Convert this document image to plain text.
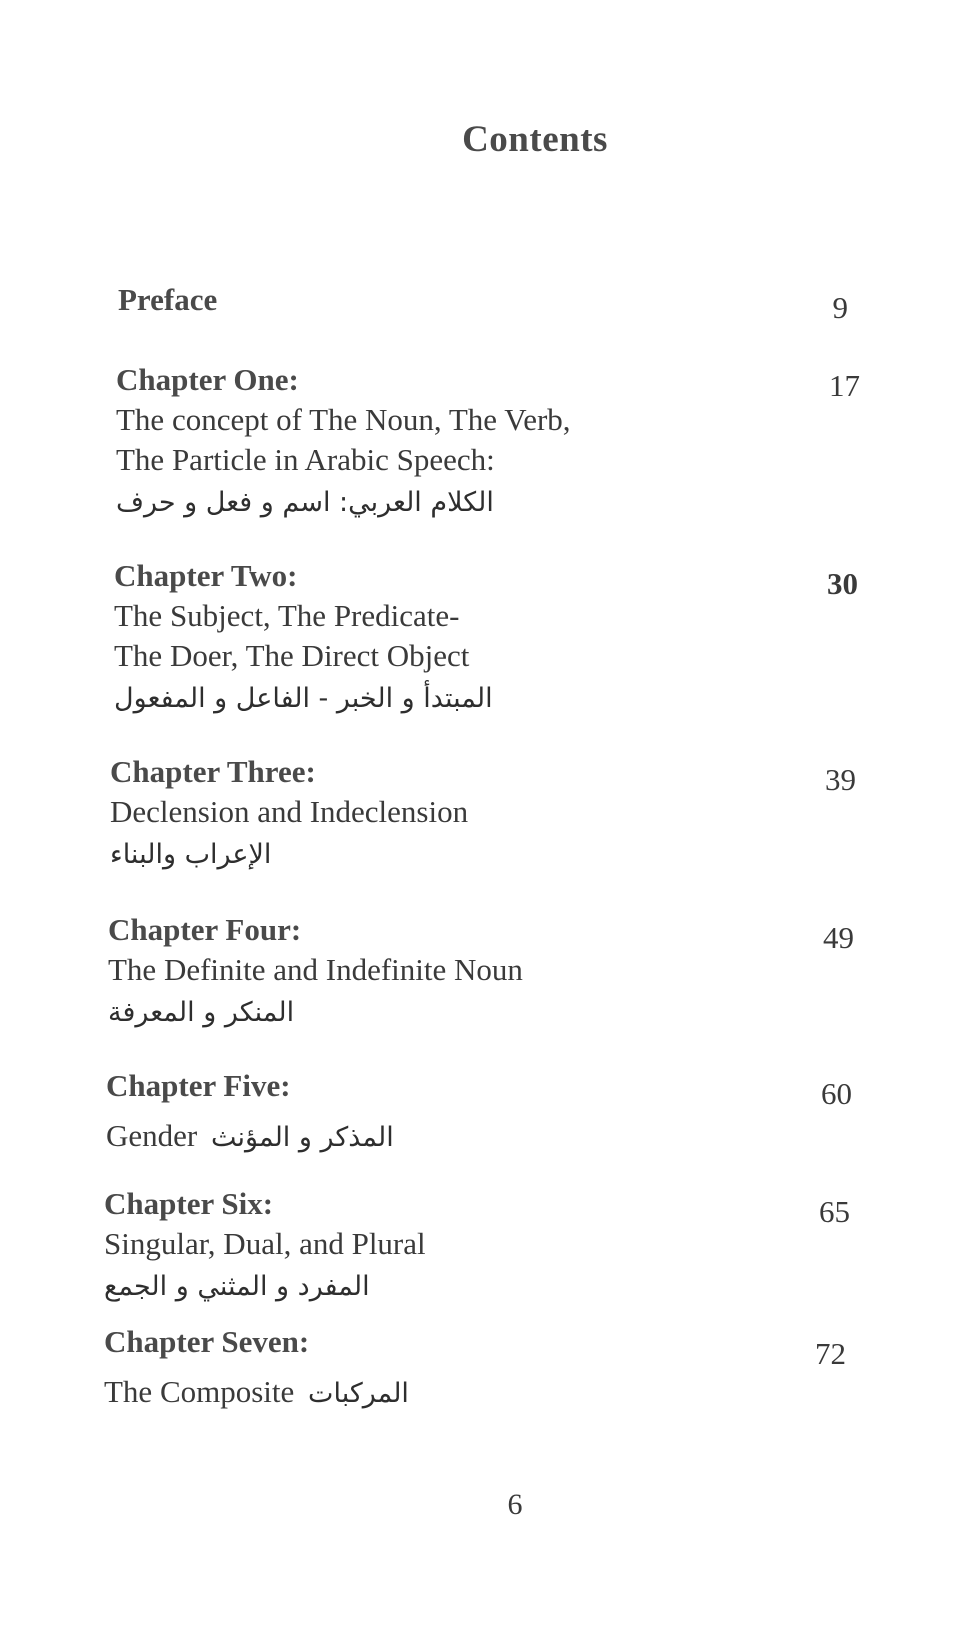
Contents
Preface	9
Chapter One:
The concept of The Noun, The Verb,
The Particle in Arabic Speech:
الكلام العربي: اسم و فعل و حرف
17
Chapter Two:
The Subject, The Predicate-
The Doer, The Direct Object
المبتدأ و الخبر - الفاعل و المفعول
30
Chapter Three:
Declension and Indeclension
الإعراب والبناء
39
Chapter Four:
The Definite and Indefinite Noun
المنكر و المعرفة
49
Chapter Five:
Gender المذكر و المؤنث
60
Chapter Six:
Singular, Dual, and Plural
المفرد و المثني و الجمع
65
Chapter Seven:
The Composite المركبات
72
6
